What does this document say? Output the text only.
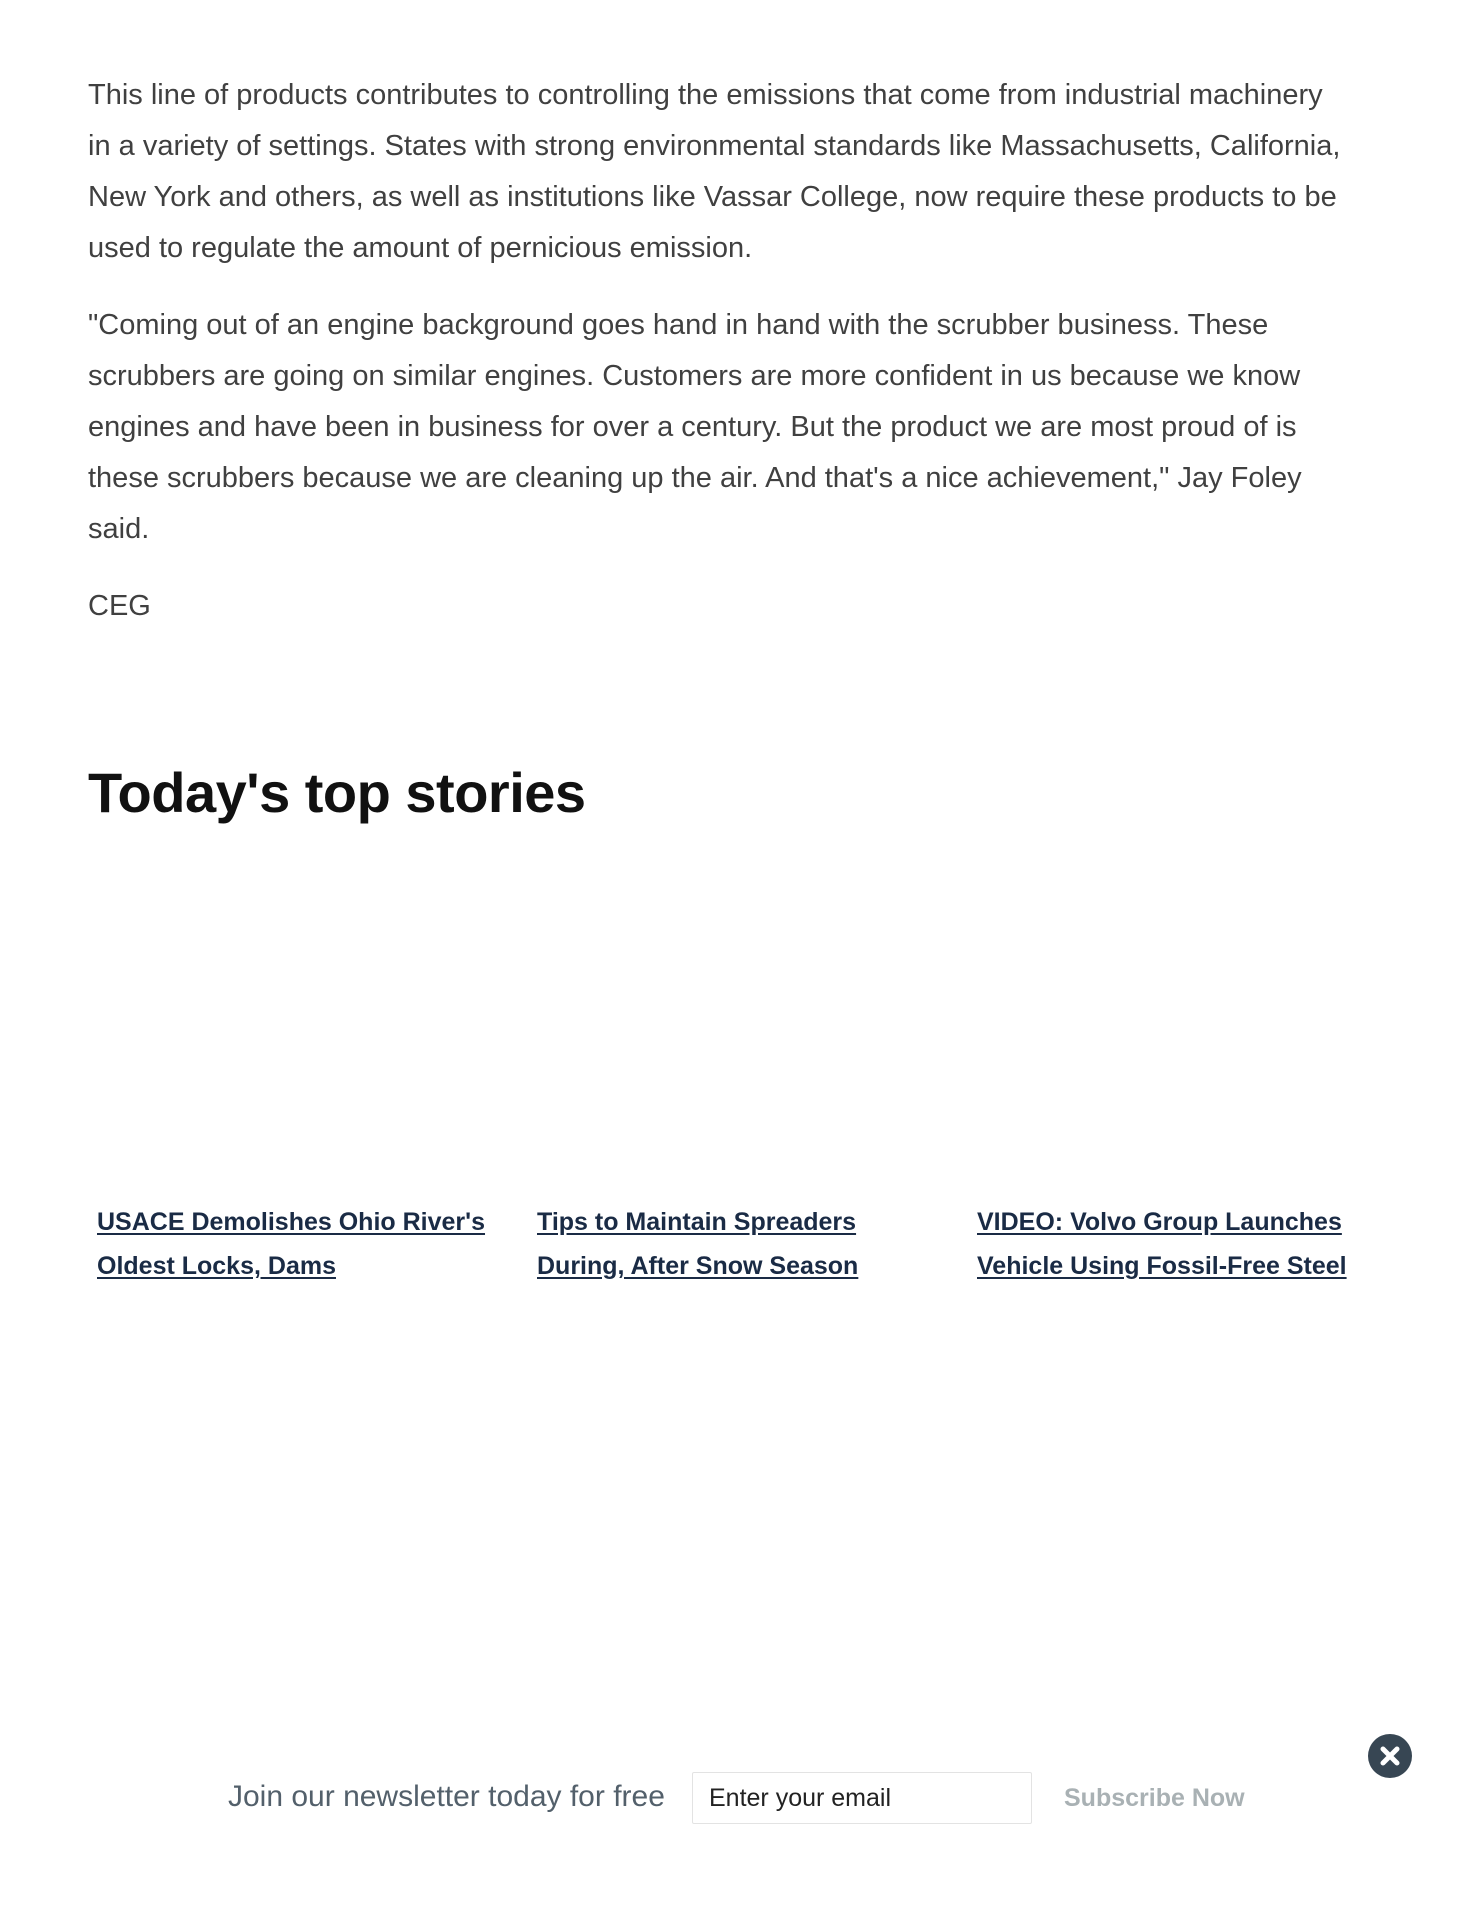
This line of products contributes to controlling the emissions that come from industrial machinery in a variety of settings. States with strong environmental standards like Massachusetts, California, New York and others, as well as institutions like Vassar College, now require these products to be used to regulate the amount of pernicious emission.

"Coming out of an engine background goes hand in hand with the scrubber business. These scrubbers are going on similar engines. Customers are more confident in us because we know engines and have been in business for over a century. But the product we are most proud of is these scrubbers because we are cleaning up the air. And that's a nice achievement," Jay Foley said.

CEG

Today's top stories
USACE Demolishes Ohio River's Oldest Locks, Dams
Tips to Maintain Spreaders During, After Snow Season
VIDEO: Volvo Group Launches Vehicle Using Fossil-Free Steel
Join our newsletter today for free
Enter your email	Subscribe Now
